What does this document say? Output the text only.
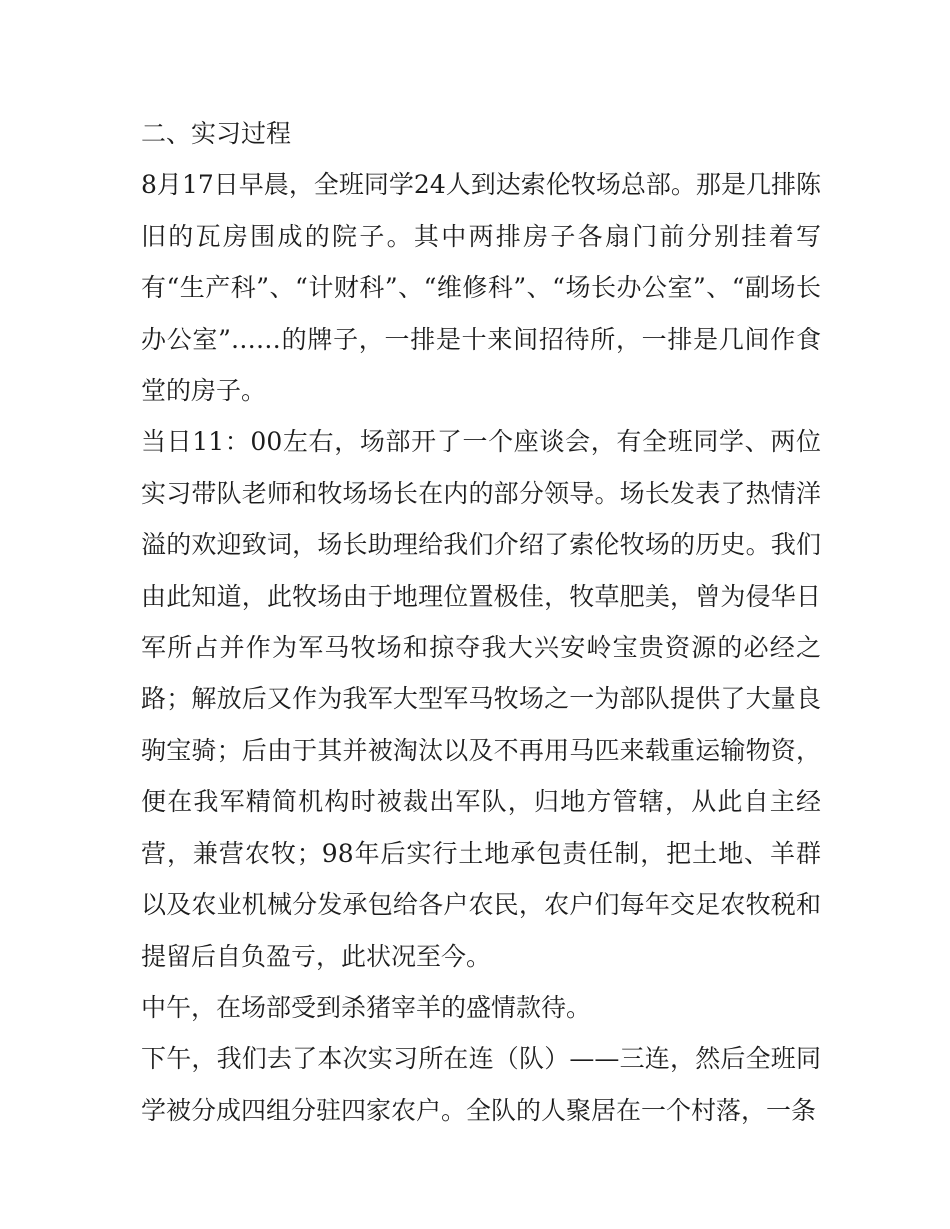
二、实习过程

8月17日早晨，全班同学24人到达索伦牧场总部。那是几排陈旧的瓦房围成的院子。其中两排房子各扇门前分别挂着写有“生产科”、“计财科”、“维修科”、“场长办公室”、“副场长办公室”……的牌子，一排是十来间招待所，一排是几间作食堂的房子。

当日11：00左右，场部开了一个座谈会，有全班同学、两位实习带队老师和牧场场长在内的部分领导。场长发表了热情洋溢的欢迎致词，场长助理给我们介绍了索伦牧场的历史。我们由此知道，此牧场由于地理位置极佳，牧草肥美，曾为侵华日军所占并作为军马牧场和掠夺我大兴安岭宝贵资源的必经之路；解放后又作为我军大型军马牧场之一为部队提供了大量良驹宝骑；后由于其并被淘汰以及不再用马匹来载重运输物资，便在我军精简机构时被裁出军队，归地方管辖，从此自主经营，兼营农牧；98年后实行土地承包责任制，把土地、羊群以及农业机械分发承包给各户农民，农户们每年交足农牧税和提留后自负盈亏，此状况至今。

中午，在场部受到杀猪宰羊的盛情款待。

下午，我们去了本次实习所在连（队）——三连，然后全班同学被分成四组分驻四家农户。全队的人聚居在一个村落，一条
